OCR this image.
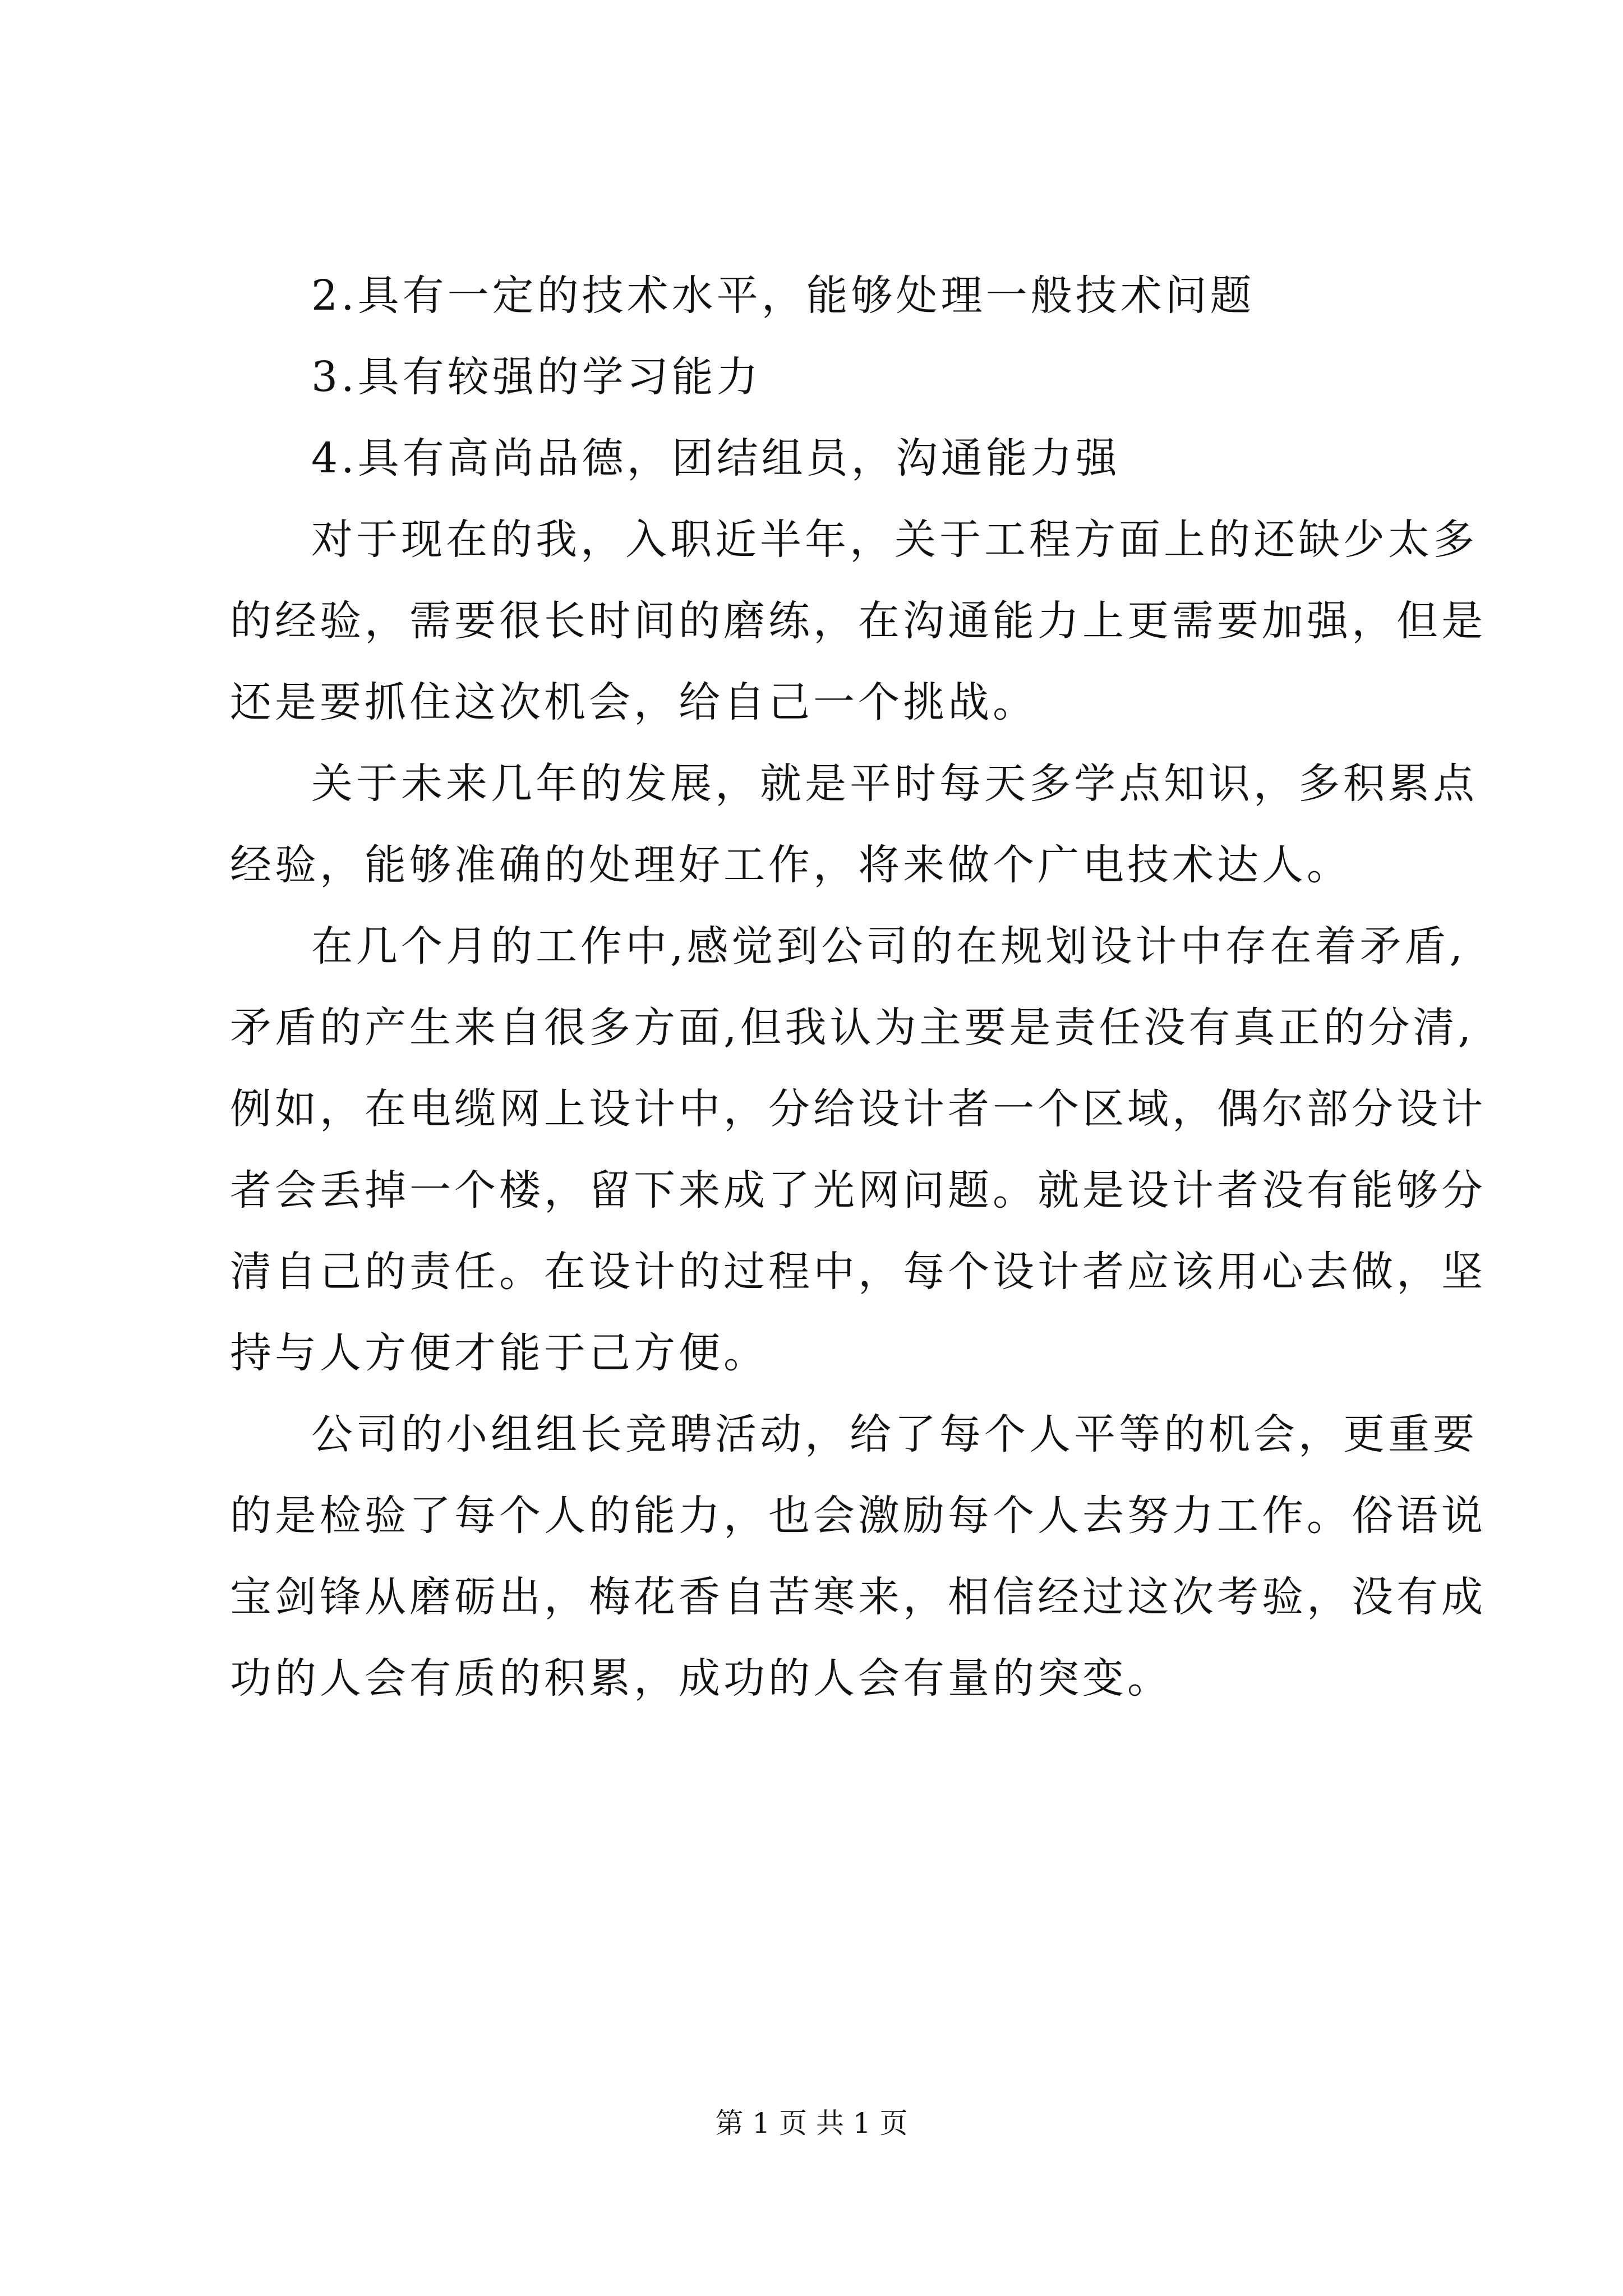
2.具有一定的技术水平，能够处理一般技术问题
3.具有较强的学习能力
4.具有高尚品德，团结组员，沟通能力强
对于现在的我，入职近半年，关于工程方面上的还缺少太多
的经验，需要很长时间的磨练，在沟通能力上更需要加强，但是
还是要抓住这次机会，给自己一个挑战。
关于未来几年的发展，就是平时每天多学点知识，多积累点
经验，能够准确的处理好工作，将来做个广电技术达人。
在几个月的工作中,感觉到公司的在规划设计中存在着矛盾,
矛盾的产生来自很多方面,但我认为主要是责任没有真正的分清,
例如，在电缆网上设计中，分给设计者一个区域，偶尔部分设计
者会丢掉一个楼，留下来成了光网问题。就是设计者没有能够分
清自己的责任。在设计的过程中，每个设计者应该用心去做，坚
持与人方便才能于己方便。
公司的小组组长竞聘活动，给了每个人平等的机会，更重要
的是检验了每个人的能力，也会激励每个人去努力工作。俗语说
宝剑锋从磨砺出，梅花香自苦寒来，相信经过这次考验，没有成
功的人会有质的积累，成功的人会有量的突变。
第 1 页 共 1 页
